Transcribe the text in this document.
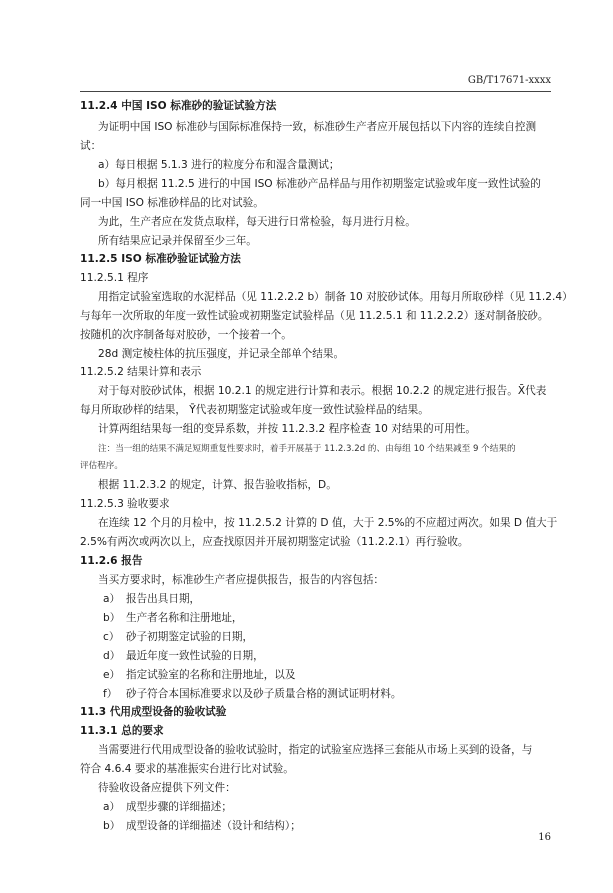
GB/T17671-xxxx
11.2.4 中国 ISO 标准砂的验证试验方法
为证明中国 ISO 标准砂与国际标准保持一致，标准砂生产者应开展包括以下内容的连续自控测
试：
a）每日根据 5.1.3 进行的粒度分布和湿含量测试；
b）每月根据 11.2.5 进行的中国 ISO 标准砂产品样品与用作初期鉴定试验或年度一致性试验的
同一中国 ISO 标准砂样品的比对试验。
为此，生产者应在发货点取样，每天进行日常检验，每月进行月检。
所有结果应记录并保留至少三年。
11.2.5 ISO 标准砂验证试验方法
11.2.5.1 程序
用指定试验室选取的水泥样品（见 11.2.2.2 b）制备 10 对胶砂试体。用每月所取砂样（见 11.2.4）
与每年一次所取的年度一致性试验或初期鉴定试验样品（见 11.2.5.1 和 11.2.2.2）逐对制备胶砂。
按随机的次序制备每对胶砂，一个接着一个。
28d 测定棱柱体的抗压强度，并记录全部单个结果。
11.2.5.2 结果计算和表示
对于每对胶砂试体，根据 10.2.1 的规定进行计算和表示。根据 10.2.2 的规定进行报告。X̄代表
每月所取砂样的结果， Ȳ代表初期鉴定试验或年度一致性试验样品的结果。
计算两组结果每一组的变异系数，并按 11.2.3.2 程序检查 10 对结果的可用性。
注：当一组的结果不满足短期重复性要求时，着手开展基于 11.2.3.2d 的、由每组 10 个结果减至 9 个结果的
评估程序。
根据 11.2.3.2 的规定，计算、报告验收指标，D。
11.2.5.3 验收要求
在连续 12 个月的月检中，按 11.2.5.2 计算的 D 值，大于 2.5%的不应超过两次。如果 D 值大于
2.5%有两次或两次以上，应查找原因并开展初期鉴定试验（11.2.2.1）再行验收。
11.2.6 报告
当买方要求时，标准砂生产者应提供报告，报告的内容包括：
11.3 代用成型设备的验收试验
11.3.1 总的要求
当需要进行代用成型设备的验收试验时，指定的试验室应选择三套能从市场上买到的设备，与
符合 4.6.4 要求的基准振实台进行比对试验。
待验收设备应提供下列文件：
a） 报告出具日期，
b） 生产者名称和注册地址，
c） 砂子初期鉴定试验的日期，
d） 最近年度一致性试验的日期，
e） 指定试验室的名称和注册地址，以及
f） 砂子符合本国标准要求以及砂子质量合格的测试证明材料。
a） 成型步骤的详细描述；
b） 成型设备的详细描述（设计和结构）；
16
